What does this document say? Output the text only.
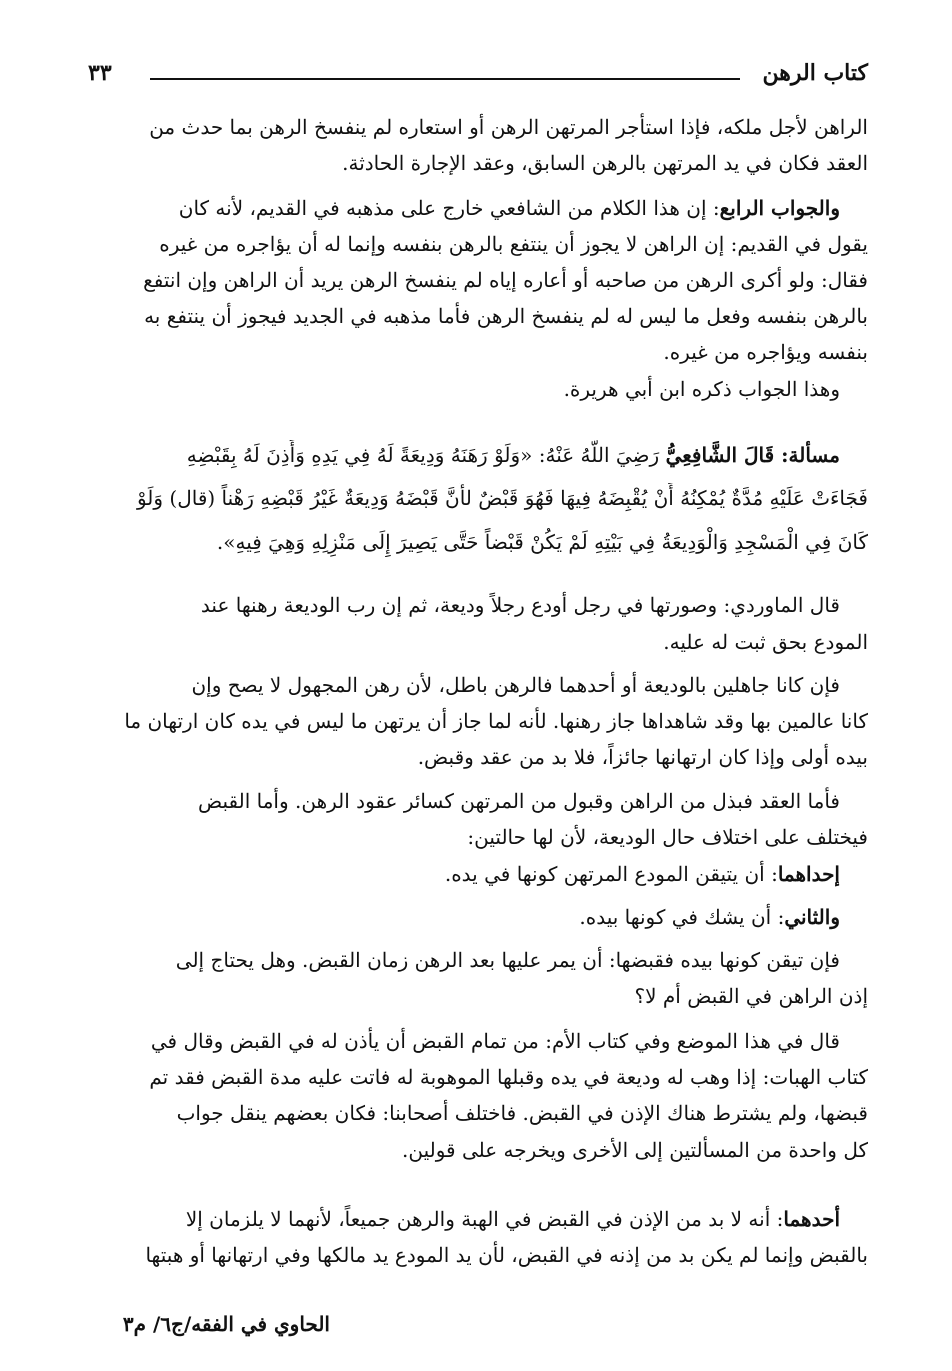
كتاب الرهن
٣٣
الراهن لأجل ملكه، فإذا استأجر المرتهن الرهن أو استعاره لم ينفسخ الرهن بما حدث من
العقد فكان في يد المرتهن بالرهن السابق، وعقد الإجارة الحادثة.
والجواب الرابع: إن هذا الكلام من الشافعي خارج على مذهبه في القديم، لأنه كان
يقول في القديم: إن الراهن لا يجوز أن ينتفع بالرهن بنفسه وإنما له أن يؤاجره من غيره
فقال: ولو أكرى الرهن من صاحبه أو أعاره إياه لم ينفسخ الرهن يريد أن الراهن وإن انتفع
بالرهن بنفسه وفعل ما ليس له لم ينفسخ الرهن فأما مذهبه في الجديد فيجوز أن ينتفع به
بنفسه ويؤاجره من غيره.
وهذا الجواب ذكره ابن أبي هريرة.
مسألة: قَالَ الشَّافِعِيُّ رَضِيَ اللَّهُ عَنْهُ: «وَلَوْ رَهَنَهُ وَدِيعَةً لَهُ فِي يَدِهِ وَأَذِنَ لَهُ بِقَبْضِهِ
فَجَاءَتْ عَلَيْهِ مُدَّةٌ يُمْكِنُهُ أَنْ يُقْبِضَهُ فِيهَا فَهُوَ قَبْضٌ لأَنَّ قَبْضَهُ وَدِيعَةٌ غَيْرُ قَبْضِهِ رَهْناً (قال) وَلَوْ
كَانَ فِي الْمَسْجِدِ وَالْوَدِيعَةُ فِي بَيْتِهِ لَمْ يَكُنْ قَبْضاً حَتَّى يَصِيرَ إِلَى مَنْزِلِهِ وَهِيَ فِيهِ».
قال الماوردي: وصورتها في رجل أودع رجلاً وديعة، ثم إن رب الوديعة رهنها عند
المودع بحق ثبت له عليه.
فإن كانا جاهلين بالوديعة أو أحدهما فالرهن باطل، لأن رهن المجهول لا يصح وإن
كانا عالمين بها وقد شاهداها جاز رهنها. لأنه لما جاز أن يرتهن ما ليس في يده كان ارتهان ما
بيده أولى وإذا كان ارتهانها جائزاً، فلا بد من عقد وقبض.
فأما العقد فبذل من الراهن وقبول من المرتهن كسائر عقود الرهن. وأما القبض
فيختلف على اختلاف حال الوديعة، لأن لها حالتين:
إحداهما: أن يتيقن المودع المرتهن كونها في يده.
والثاني: أن يشك في كونها بيده.
فإن تيقن كونها بيده فقبضها: أن يمر عليها بعد الرهن زمان القبض. وهل يحتاج إلى
إذن الراهن في القبض أم لا؟
قال في هذا الموضع وفي كتاب الأم: من تمام القبض أن يأذن له في القبض وقال في
كتاب الهبات: إذا وهب له وديعة في يده وقبلها الموهوبة له فاتت عليه مدة القبض فقد تم
قبضها، ولم يشترط هناك الإذن في القبض. فاختلف أصحابنا: فكان بعضهم ينقل جواب
كل واحدة من المسألتين إلى الأخرى ويخرجه على قولين.
أحدهما: أنه لا بد من الإذن في القبض في الهبة والرهن جميعاً، لأنهما لا يلزمان إلا
بالقبض وإنما لم يكن بد من إذنه في القبض، لأن يد المودع يد مالكها وفي ارتهانها أو هبتها
الحاوي في الفقه/ج٦/ م٣
